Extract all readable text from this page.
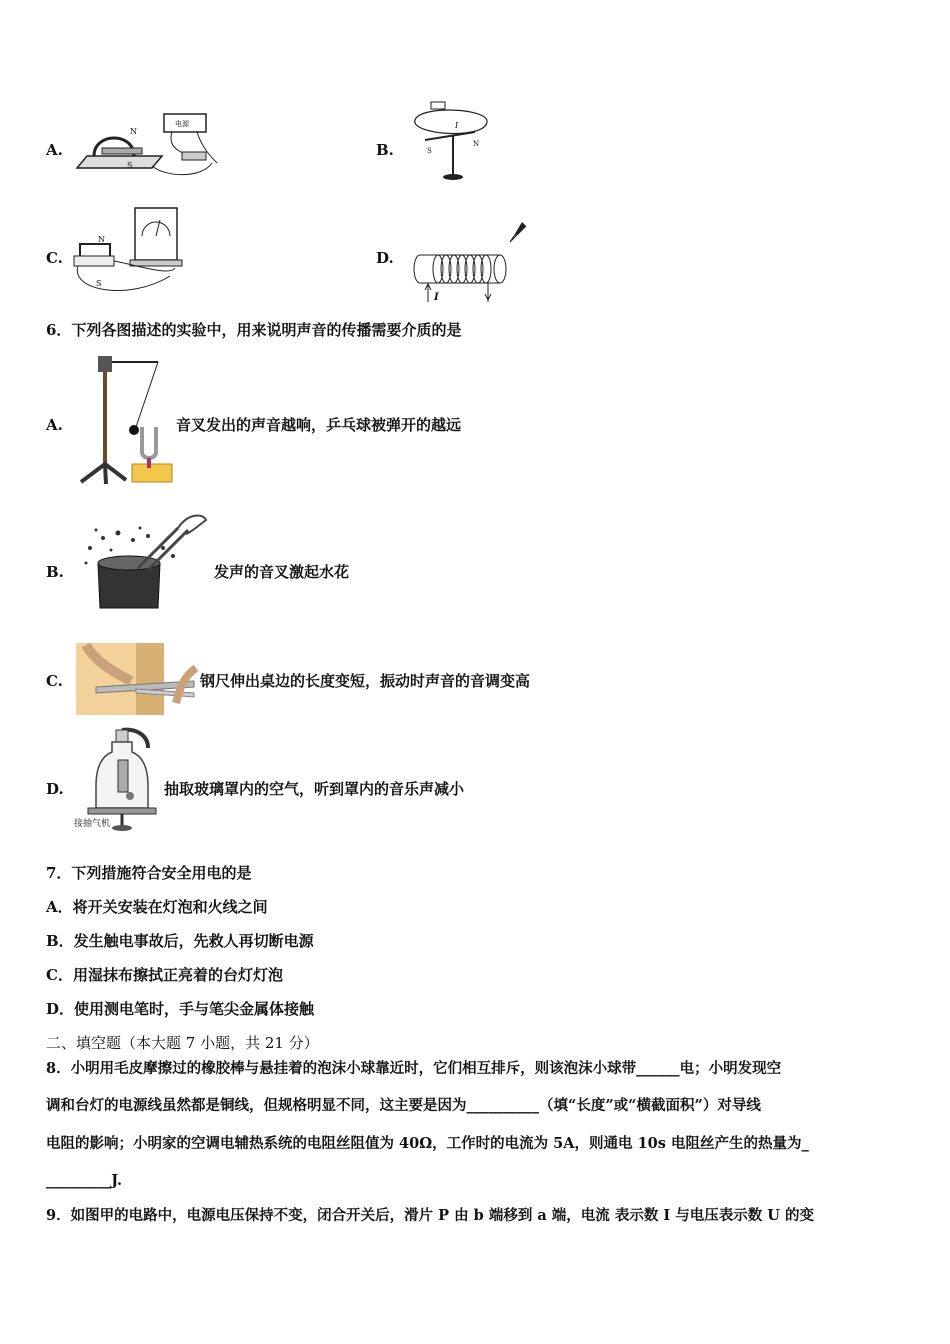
A.
N
S
电源
B.	S
N
I
C.
N
S
D.
I
6．下列各图描述的实验中，用来说明声音的传播需要介质的是
A.	音叉发出的声音越响，乒乓球被弹开的越远
B.	发声的音叉激起水花
C.	钢尺伸出桌边的长度变短，振动时声音的音调变高
D.
接抽气机
抽取玻璃罩内的空气，听到罩内的音乐声减小
7．下列措施符合安全用电的是
A．将开关安装在灯泡和火线之间
B．发生触电事故后，先救人再切断电源
C．用湿抹布擦拭正亮着的台灯灯泡
D．使用测电笔时，手与笔尖金属体接触
二、填空题（本大题 7 小题，共 21 分）
8．小明用毛皮摩擦过的橡胶棒与悬挂着的泡沫小球靠近时，它们相互排斥，则该泡沫小球带______电；小明发现空
调和台灯的电源线虽然都是铜线，但规格明显不同，这主要是因为__________（填“长度”或“横截面积”）对导线
电阻的影响；小明家的空调电辅热系统的电阻丝阻值为 40Ω，工作时的电流为 5A，则通电 10s 电阻丝产生的热量为_
_________J.
9．如图甲的电路中，电源电压保持不变，闭合开关后，滑片 P 由 b 端移到 a 端，电流 表示数 I 与电压表示数 U 的变
